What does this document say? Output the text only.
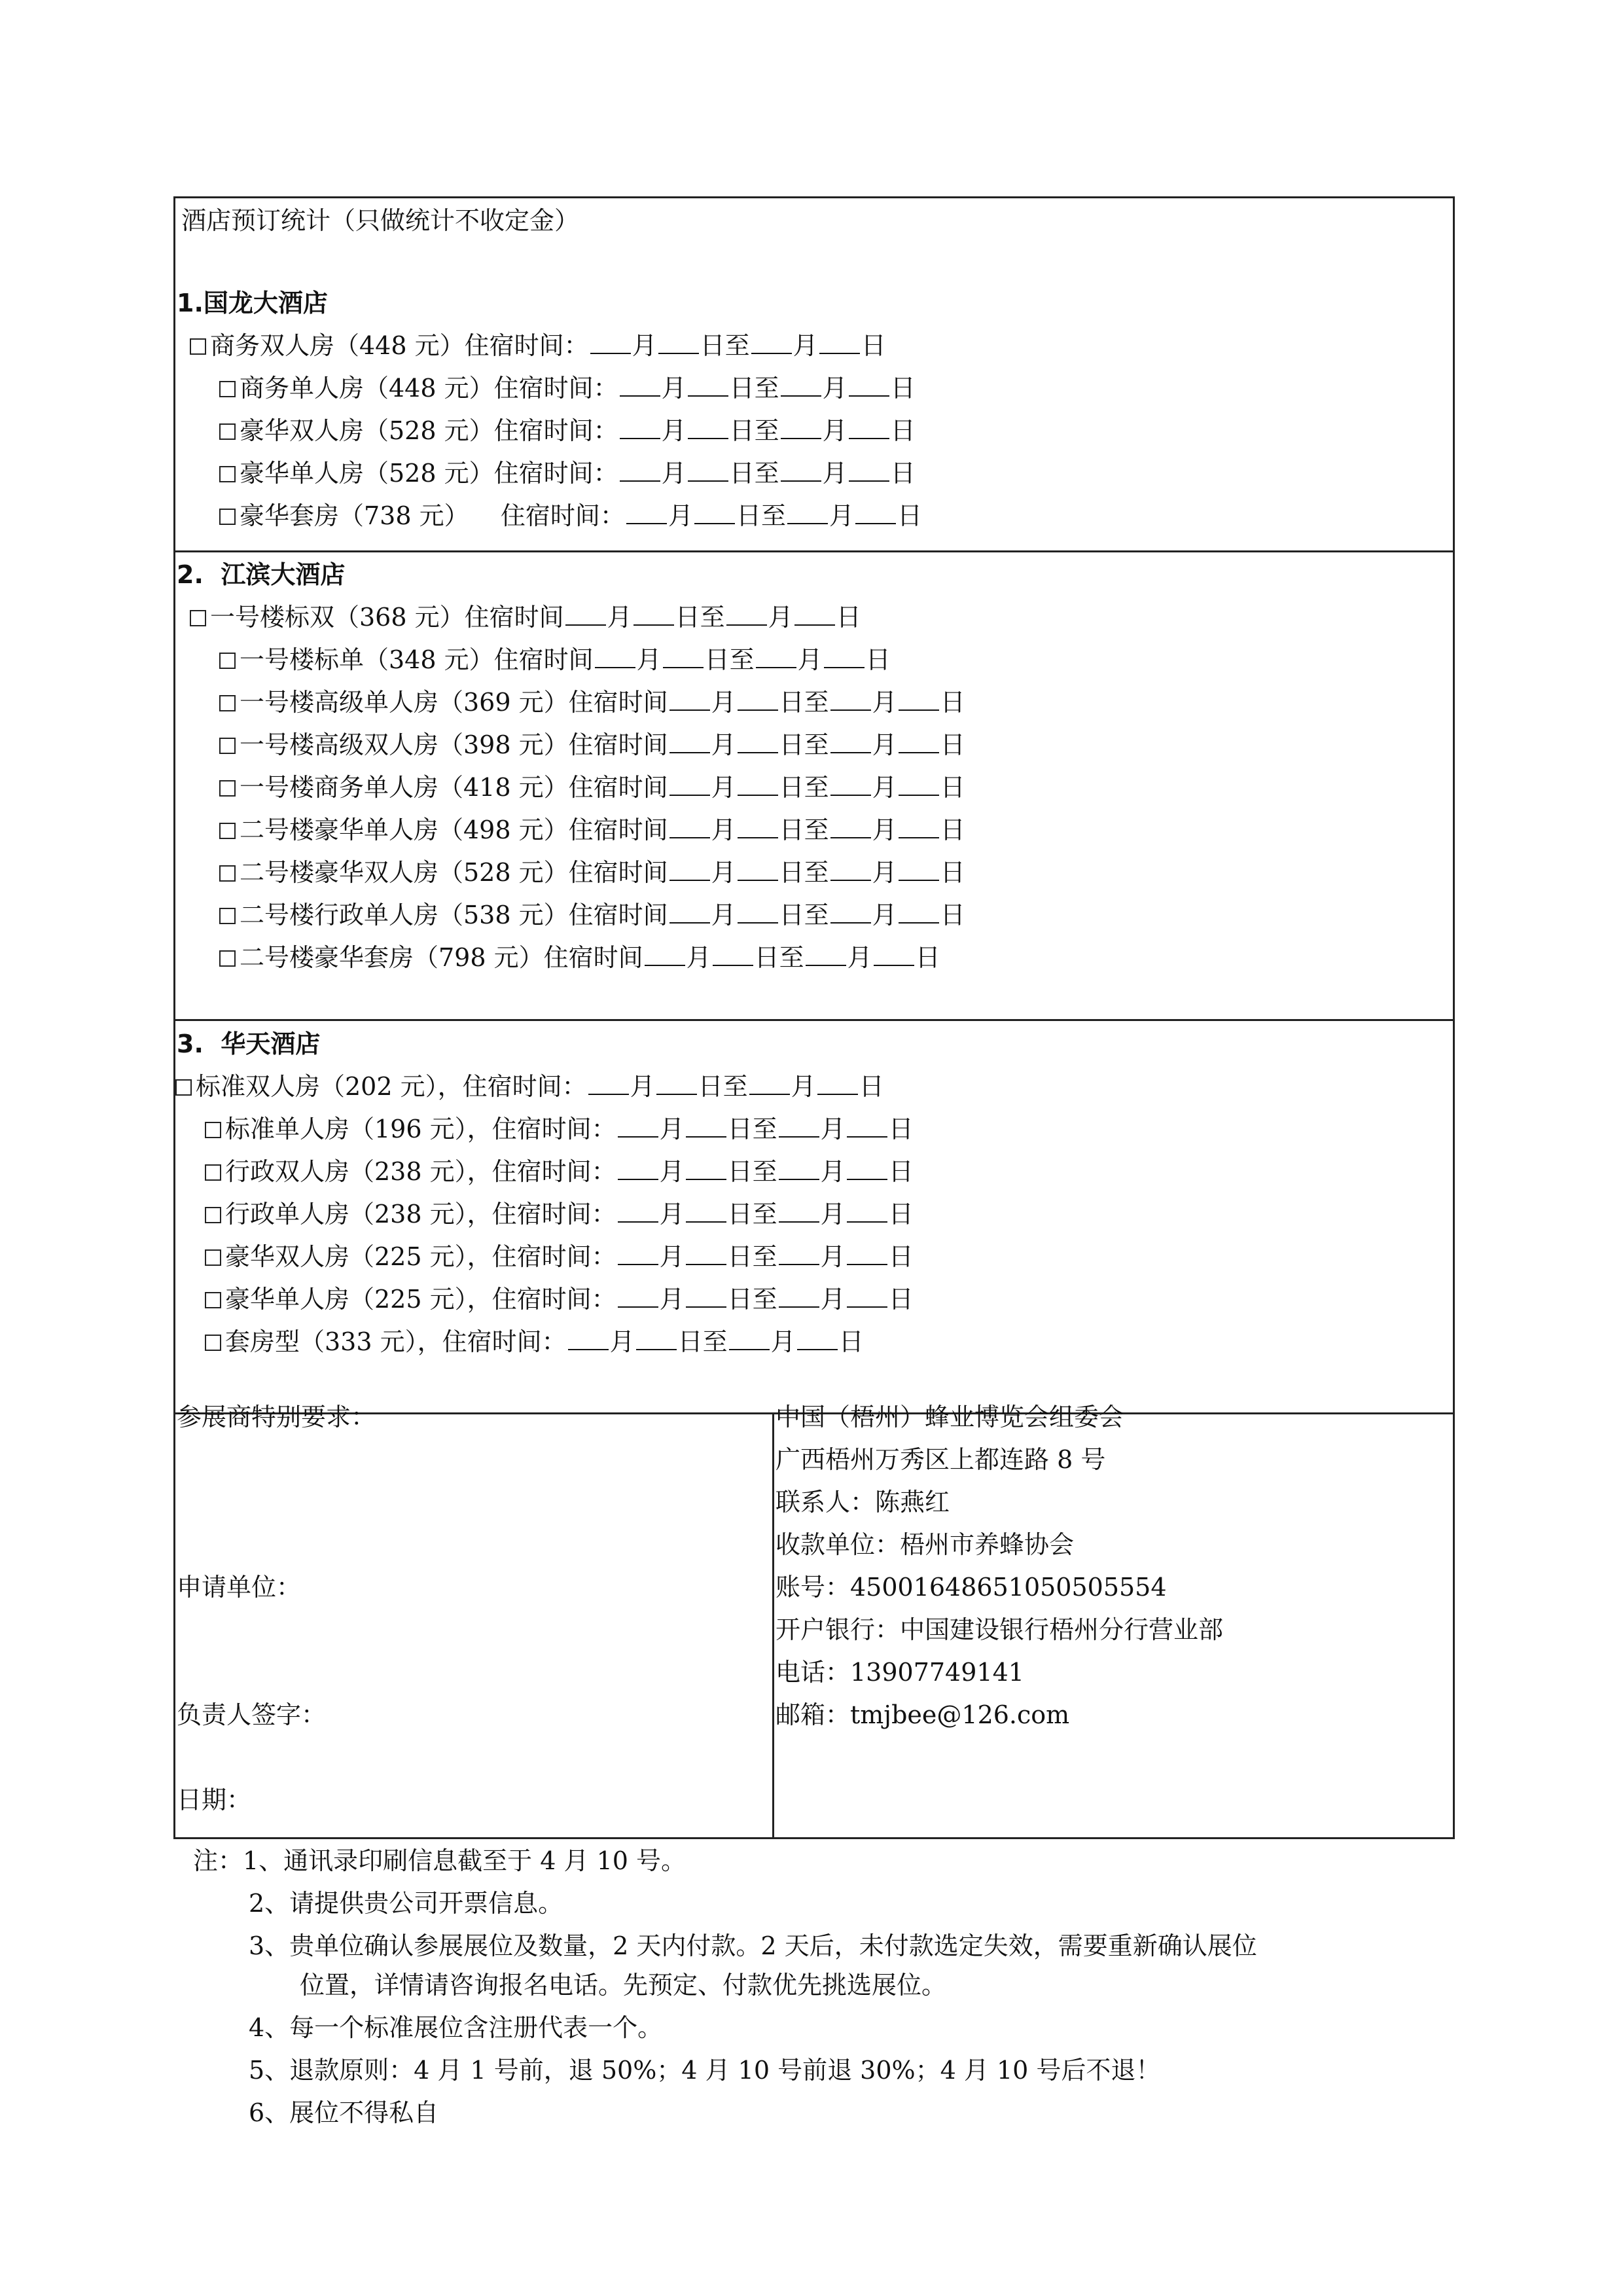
酒店预订统计（只做统计不收定金）
1.国龙大酒店
商务双人房（448 元）住宿时间： 月 日 至 月 日
商务单人房（448 元）住宿时间： 月 日 至 月 日
豪华双人房（528 元）住宿时间： 月 日 至 月 日
豪华单人房（528 元）住宿时间： 月 日 至 月 日
豪华套房（738 元）    住宿时间： 月 日 至 月 日
2.  江滨大酒店
一号楼标双（368 元）住宿时间 月 日 至 月 日
一号楼标单（348 元）住宿时间 月 日 至 月 日
一号楼高级单人房（369 元）住宿时间 月 日 至 月 日
一号楼高级双人房（398 元）住宿时间 月 日 至 月 日
一号楼商务单人房（418 元）住宿时间 月 日 至 月 日
二号楼豪华单人房（498 元）住宿时间 月 日 至 月 日
二号楼豪华双人房（528 元）住宿时间 月 日 至 月 日
二号楼行政单人房（538 元）住宿时间 月 日 至 月 日
二号楼豪华套房（798 元）住宿时间 月 日 至 月 日
3.  华天酒店
标准双人房（202 元），住宿时间： 月 日 至 月 日
标准单人房（196 元），住宿时间： 月 日 至 月 日
行政双人房（238 元），住宿时间： 月 日 至 月 日
行政单人房（238 元），住宿时间： 月 日 至 月 日
豪华双人房（225 元），住宿时间： 月 日 至 月 日
豪华单人房（225 元），住宿时间： 月 日 至 月 日
套房型（333 元），住宿时间： 月 日 至 月 日
参展商特别要求：
负责人签字：
日期：
中国（梧州）蜂业博览会组委会
广西梧州万秀区上都连路 8 号
联系人：陈燕红
收款单位：梧州市养蜂协会
账号：45001648651050505554
开户银行：中国建设银行梧州分行营业部
电话：13907749141
邮箱：tmjbee@126.com
注：1、通讯录印刷信息截至于 4 月 10 号。
2、请提供贵公司开票信息。
3、贵单位确认参展展位及数量，2 天内付款。2 天后，未付款选定失效，需要重新确认展位
位置，详情请咨询报名电话。先预定、付款优先挑选展位。
4、每一个标准展位含注册代表一个。
5、退款原则：4 月 1 号前，退 50%；4 月 10 号前退 30%；4 月 10 号后不退！
6、展位不得私自
申请单位：
